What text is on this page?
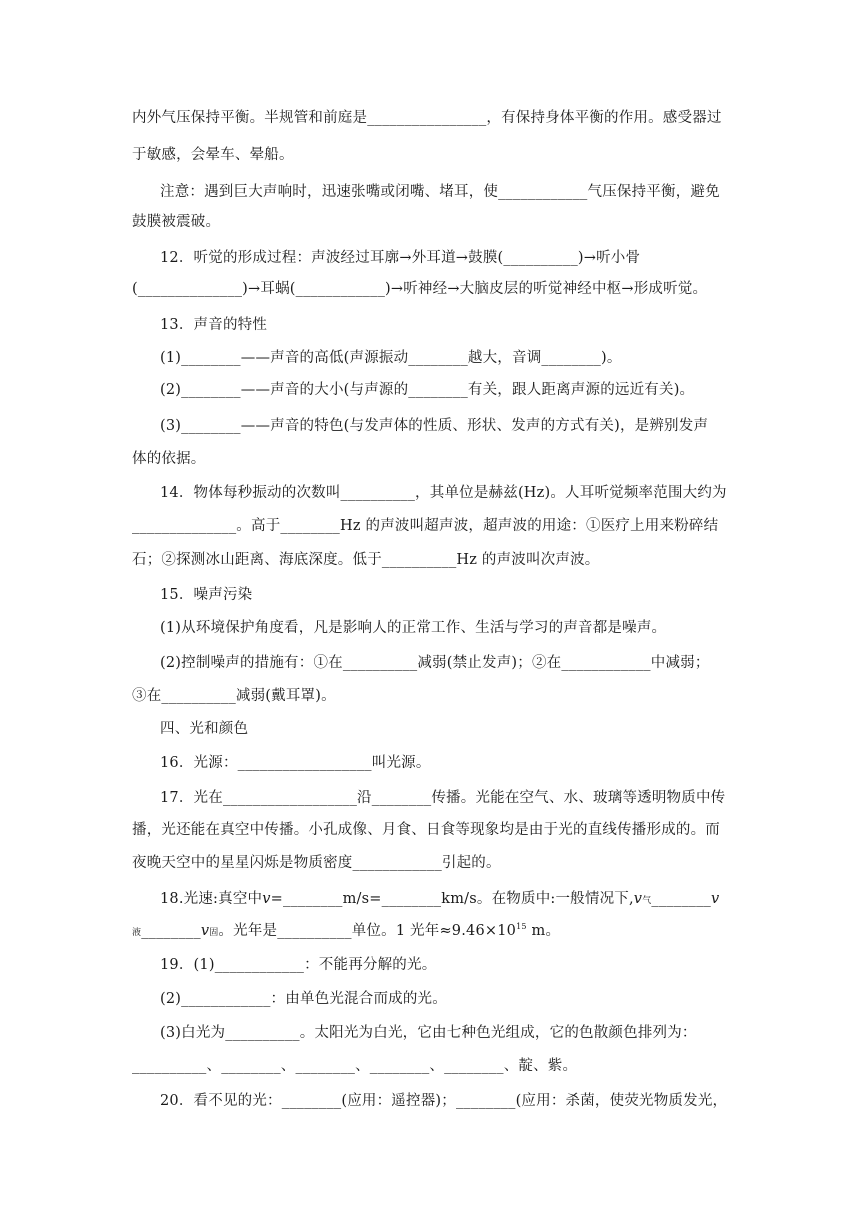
内外气压保持平衡。半规管和前庭是________________，有保持身体平衡的作用。感受器过
于敏感，会晕车、晕船。
注意：遇到巨大声响时，迅速张嘴或闭嘴、堵耳，使____________气压保持平衡，避免
鼓膜被震破。
12．听觉的形成过程：声波经过耳廓→外耳道→鼓膜(__________)→听小骨
(______________)→耳蜗(____________)→听神经→大脑皮层的听觉神经中枢→形成听觉。
13．声音的特性
(1)________——声音的高低(声源振动________越大，音调________)。
(2)________——声音的大小(与声源的________有关，跟人距离声源的远近有关)。
(3)________——声音的特色(与发声体的性质、形状、发声的方式有关)，是辨别发声
体的依据。
14．物体每秒振动的次数叫__________，其单位是赫兹(Hz)。人耳听觉频率范围大约为
______________。高于________Hz 的声波叫超声波，超声波的用途：①医疗上用来粉碎结
石；②探测冰山距离、海底深度。低于__________Hz 的声波叫次声波。
15．噪声污染
(1)从环境保护角度看，凡是影响人的正常工作、生活与学习的声音都是噪声。
(2)控制噪声的措施有：①在__________减弱(禁止发声)；②在____________中减弱；
③在__________减弱(戴耳罩)。
四、光和颜色
16．光源：__________________叫光源。
17．光在__________________沿________传播。光能在空气、水、玻璃等透明物质中传
播，光还能在真空中传播。小孔成像、月食、日食等现象均是由于光的直线传播形成的。而
夜晚天空中的星星闪烁是物质密度____________引起的。
18.光速:真空中v=________m/s=________km/s。在物质中:一般情况下,v气________v
液________v固。光年是__________单位。1 光年$\approx 9.46\times 10^{15}$ m。
19．(1)____________：不能再分解的光。
(2)____________：由单色光混合而成的光。
(3)白光为__________。太阳光为白光，它由七种色光组成，它的色散颜色排列为：
__________、________、________、________、________、靛、紫。
20．看不见的光：________(应用：遥控器)；________(应用：杀菌，使荧光物质发光，
